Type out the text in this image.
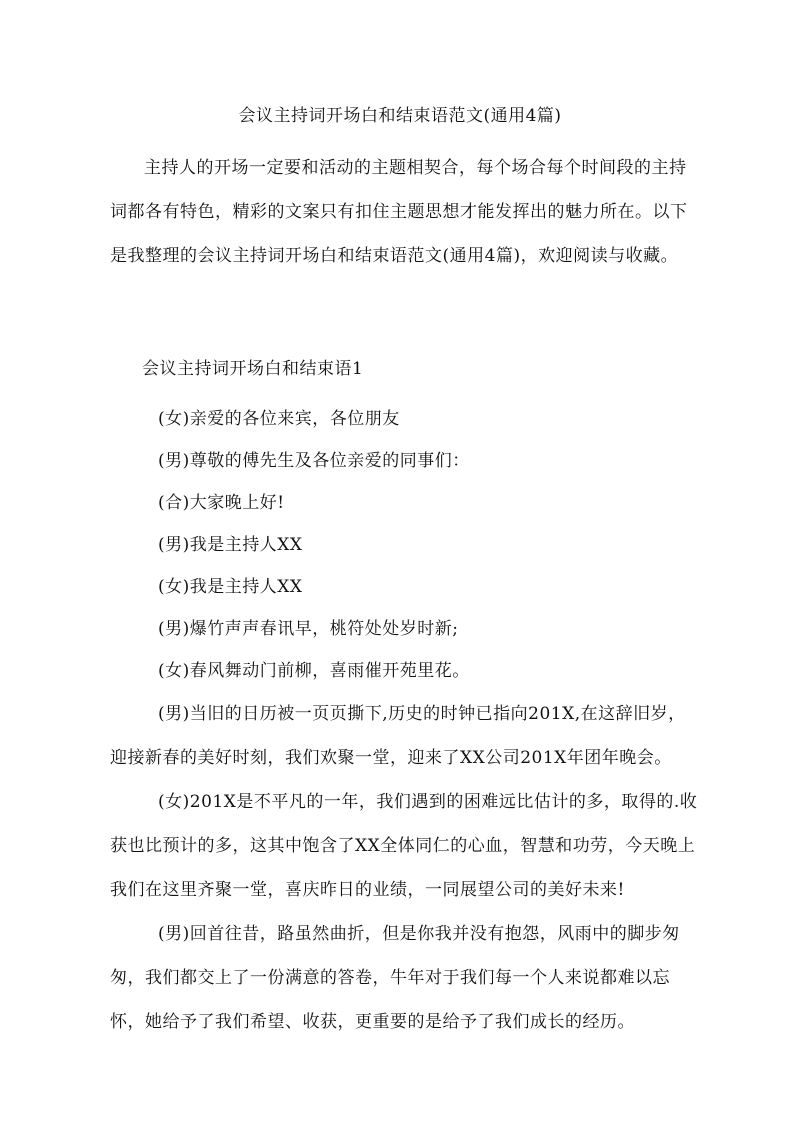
会议主持词开场白和结束语范文(通用4篇)

主持人的开场一定要和活动的主题相契合，每个场合每个时间段的主持词都各有特色，精彩的文案只有扣住主题思想才能发挥出的魅力所在。以下是我整理的会议主持词开场白和结束语范文(通用4篇)，欢迎阅读与收藏。

会议主持词开场白和结束语1

(女)亲爱的各位来宾，各位朋友

(男)尊敬的傅先生及各位亲爱的同事们：

(合)大家晚上好!

(男)我是主持人XX

(女)我是主持人XX

(男)爆竹声声春讯早，桃符处处岁时新;

(女)春风舞动门前柳，喜雨催开苑里花。

(男)当旧的日历被一页页撕下,历史的时钟已指向201X,在这辞旧岁，迎接新春的美好时刻，我们欢聚一堂，迎来了XX公司201X年团年晚会。

(女)201X是不平凡的一年，我们遇到的困难远比估计的多，取得的.收获也比预计的多，这其中饱含了XX全体同仁的心血，智慧和功劳，今天晚上我们在这里齐聚一堂，喜庆昨日的业绩，一同展望公司的美好未来!

(男)回首往昔，路虽然曲折，但是你我并没有抱怨，风雨中的脚步匆匆，我们都交上了一份满意的答卷，牛年对于我们每一个人来说都难以忘怀，她给予了我们希望、收获，更重要的是给予了我们成长的经历。
